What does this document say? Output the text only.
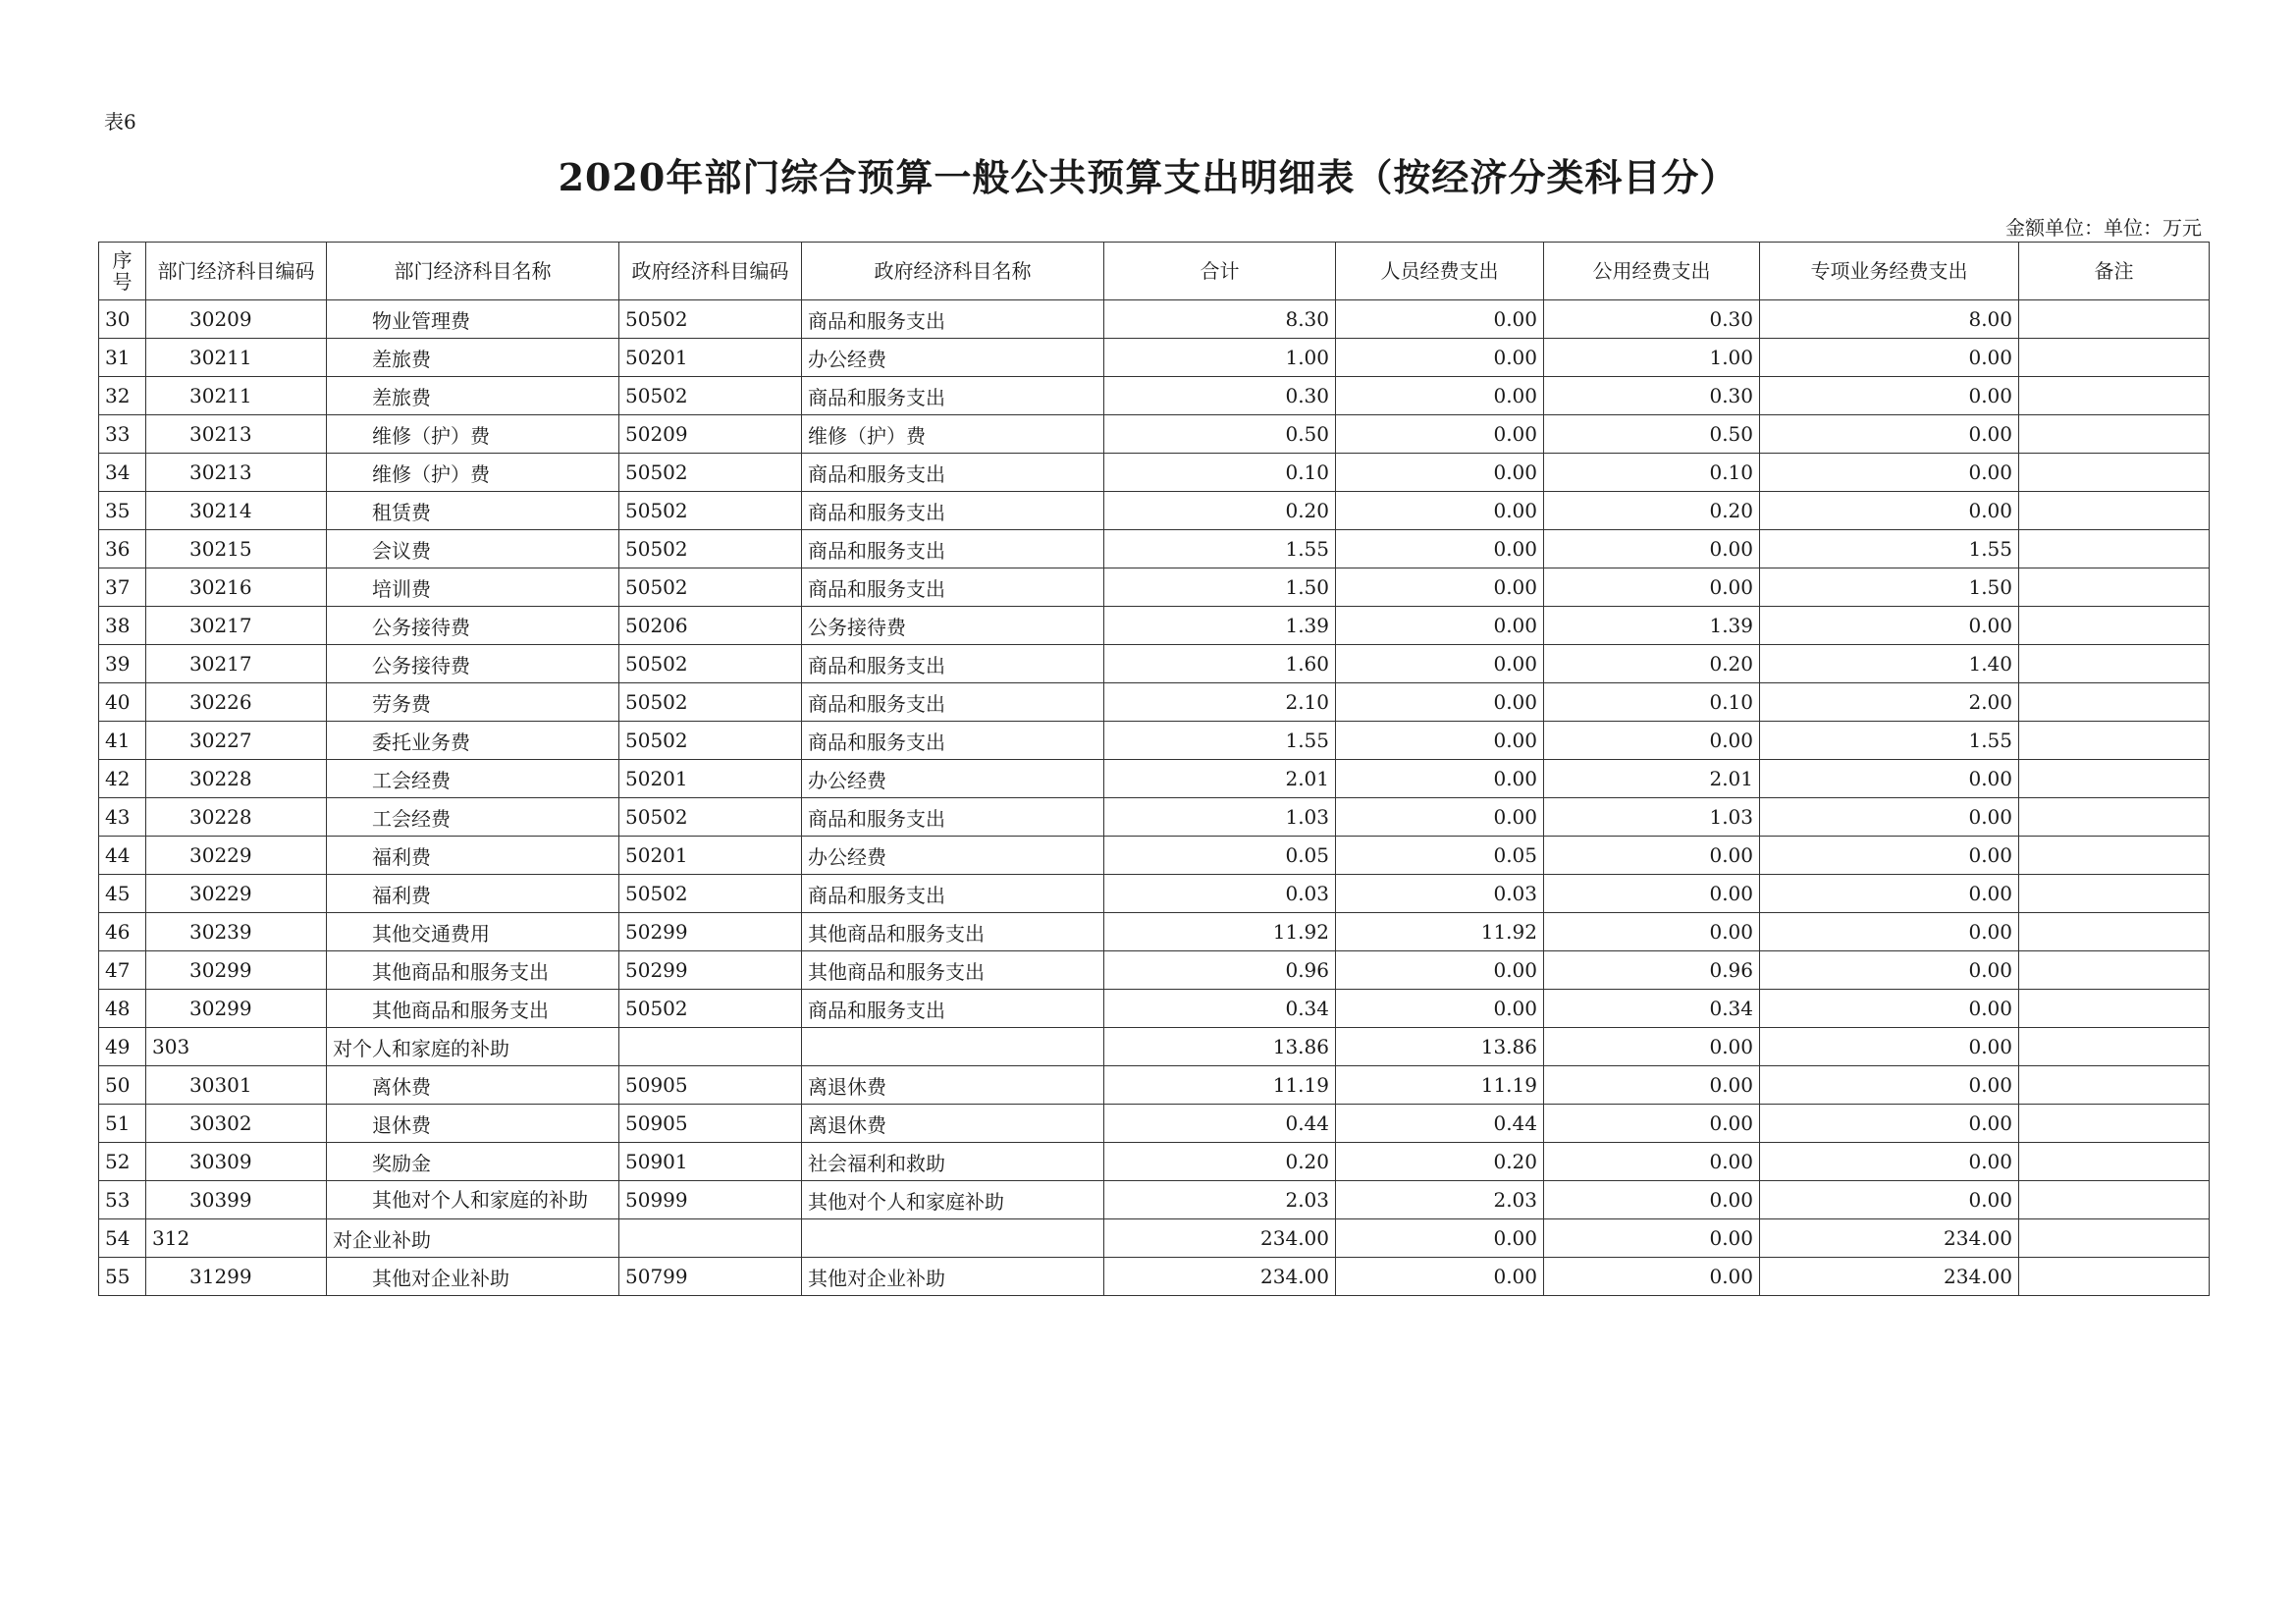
表6
2020年部门综合预算一般公共预算支出明细表（按经济分类科目分）
金额单位：单位：万元
序号	部门经济科目编码	部门经济科目名称	政府经济科目编码	政府经济科目名称	合计	人员经费支出	公用经费支出	专项业务经费支出	备注
30	30209	物业管理费	50502	商品和服务支出	8.30	0.00	0.30	8.00	
31	30211	差旅费	50201	办公经费	1.00	0.00	1.00	0.00	
32	30211	差旅费	50502	商品和服务支出	0.30	0.00	0.30	0.00	
33	30213	维修（护）费	50209	维修（护）费	0.50	0.00	0.50	0.00	
34	30213	维修（护）费	50502	商品和服务支出	0.10	0.00	0.10	0.00	
35	30214	租赁费	50502	商品和服务支出	0.20	0.00	0.20	0.00	
36	30215	会议费	50502	商品和服务支出	1.55	0.00	0.00	1.55	
37	30216	培训费	50502	商品和服务支出	1.50	0.00	0.00	1.50	
38	30217	公务接待费	50206	公务接待费	1.39	0.00	1.39	0.00	
39	30217	公务接待费	50502	商品和服务支出	1.60	0.00	0.20	1.40	
40	30226	劳务费	50502	商品和服务支出	2.10	0.00	0.10	2.00	
41	30227	委托业务费	50502	商品和服务支出	1.55	0.00	0.00	1.55	
42	30228	工会经费	50201	办公经费	2.01	0.00	2.01	0.00	
43	30228	工会经费	50502	商品和服务支出	1.03	0.00	1.03	0.00	
44	30229	福利费	50201	办公经费	0.05	0.05	0.00	0.00	
45	30229	福利费	50502	商品和服务支出	0.03	0.03	0.00	0.00	
46	30239	其他交通费用	50299	其他商品和服务支出	11.92	11.92	0.00	0.00	
47	30299	其他商品和服务支出	50299	其他商品和服务支出	0.96	0.00	0.96	0.00	
48	30299	其他商品和服务支出	50502	商品和服务支出	0.34	0.00	0.34	0.00	
49	303	对个人和家庭的补助			13.86	13.86	0.00	0.00	
50	30301	离休费	50905	离退休费	11.19	11.19	0.00	0.00	
51	30302	退休费	50905	离退休费	0.44	0.44	0.00	0.00	
52	30309	奖励金	50901	社会福利和救助	0.20	0.20	0.00	0.00	
53	30399	其他对个人和家庭的补助	50999	其他对个人和家庭补助	2.03	2.03	0.00	0.00	
54	312	对企业补助			234.00	0.00	0.00	234.00	
55	31299	其他对企业补助	50799	其他对企业补助	234.00	0.00	0.00	234.00	
